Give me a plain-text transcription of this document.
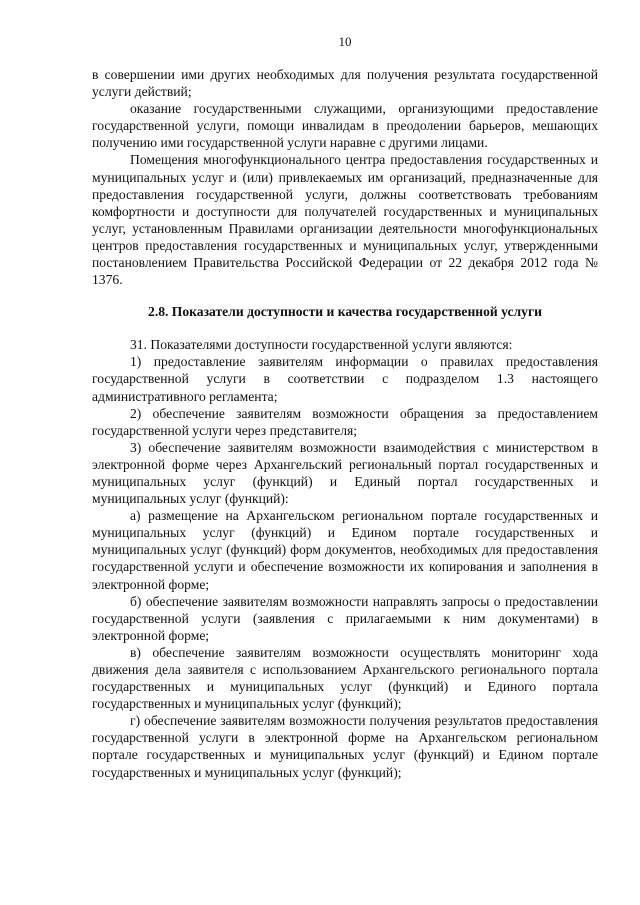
10

в совершении ими других необходимых для получения результата государственной услуги действий;

оказание государственными служащими, организующими предоставление государственной услуги, помощи инвалидам в преодолении барьеров, мешающих получению ими государственной услуги наравне с другими лицами.

Помещения многофункционального центра предоставления государственных и муниципальных услуг и (или) привлекаемых им организаций, предназначенные для предоставления государственной услуги, должны соответствовать требованиям комфортности и доступности для получателей государственных и муниципальных услуг, установленным Правилами организации деятельности многофункциональных центров предоставления государственных и муниципальных услуг, утвержденными постановлением Правительства Российской Федерации от 22 декабря 2012 года № 1376.

2.8. Показатели доступности и качества государственной услуги

31. Показателями доступности государственной услуги являются:

1) предоставление заявителям информации о правилах предоставления государственной услуги в соответствии с подразделом 1.3 настоящего административного регламента;

2) обеспечение заявителям возможности обращения за предоставлением государственной услуги через представителя;

3) обеспечение заявителям возможности взаимодействия с министерством в электронной форме через Архангельский региональный портал государственных и муниципальных услуг (функций) и Единый портал государственных и муниципальных услуг (функций):

а) размещение на Архангельском региональном портале государственных и муниципальных услуг (функций) и Едином портале государственных и муниципальных услуг (функций) форм документов, необходимых для предоставления государственной услуги и обеспечение возможности их копирования и заполнения в электронной форме;

б) обеспечение заявителям возможности направлять запросы о предоставлении государственной услуги (заявления с прилагаемыми к ним документами) в электронной форме;

в) обеспечение заявителям возможности осуществлять мониторинг хода движения дела заявителя с использованием Архангельского регионального портала государственных и муниципальных услуг (функций) и Единого портала государственных и муниципальных услуг (функций);

г) обеспечение заявителям возможности получения результатов предоставления государственной услуги в электронной форме на Архангельском региональном портале государственных и муниципальных услуг (функций) и Едином портале государственных и муниципальных услуг (функций);
